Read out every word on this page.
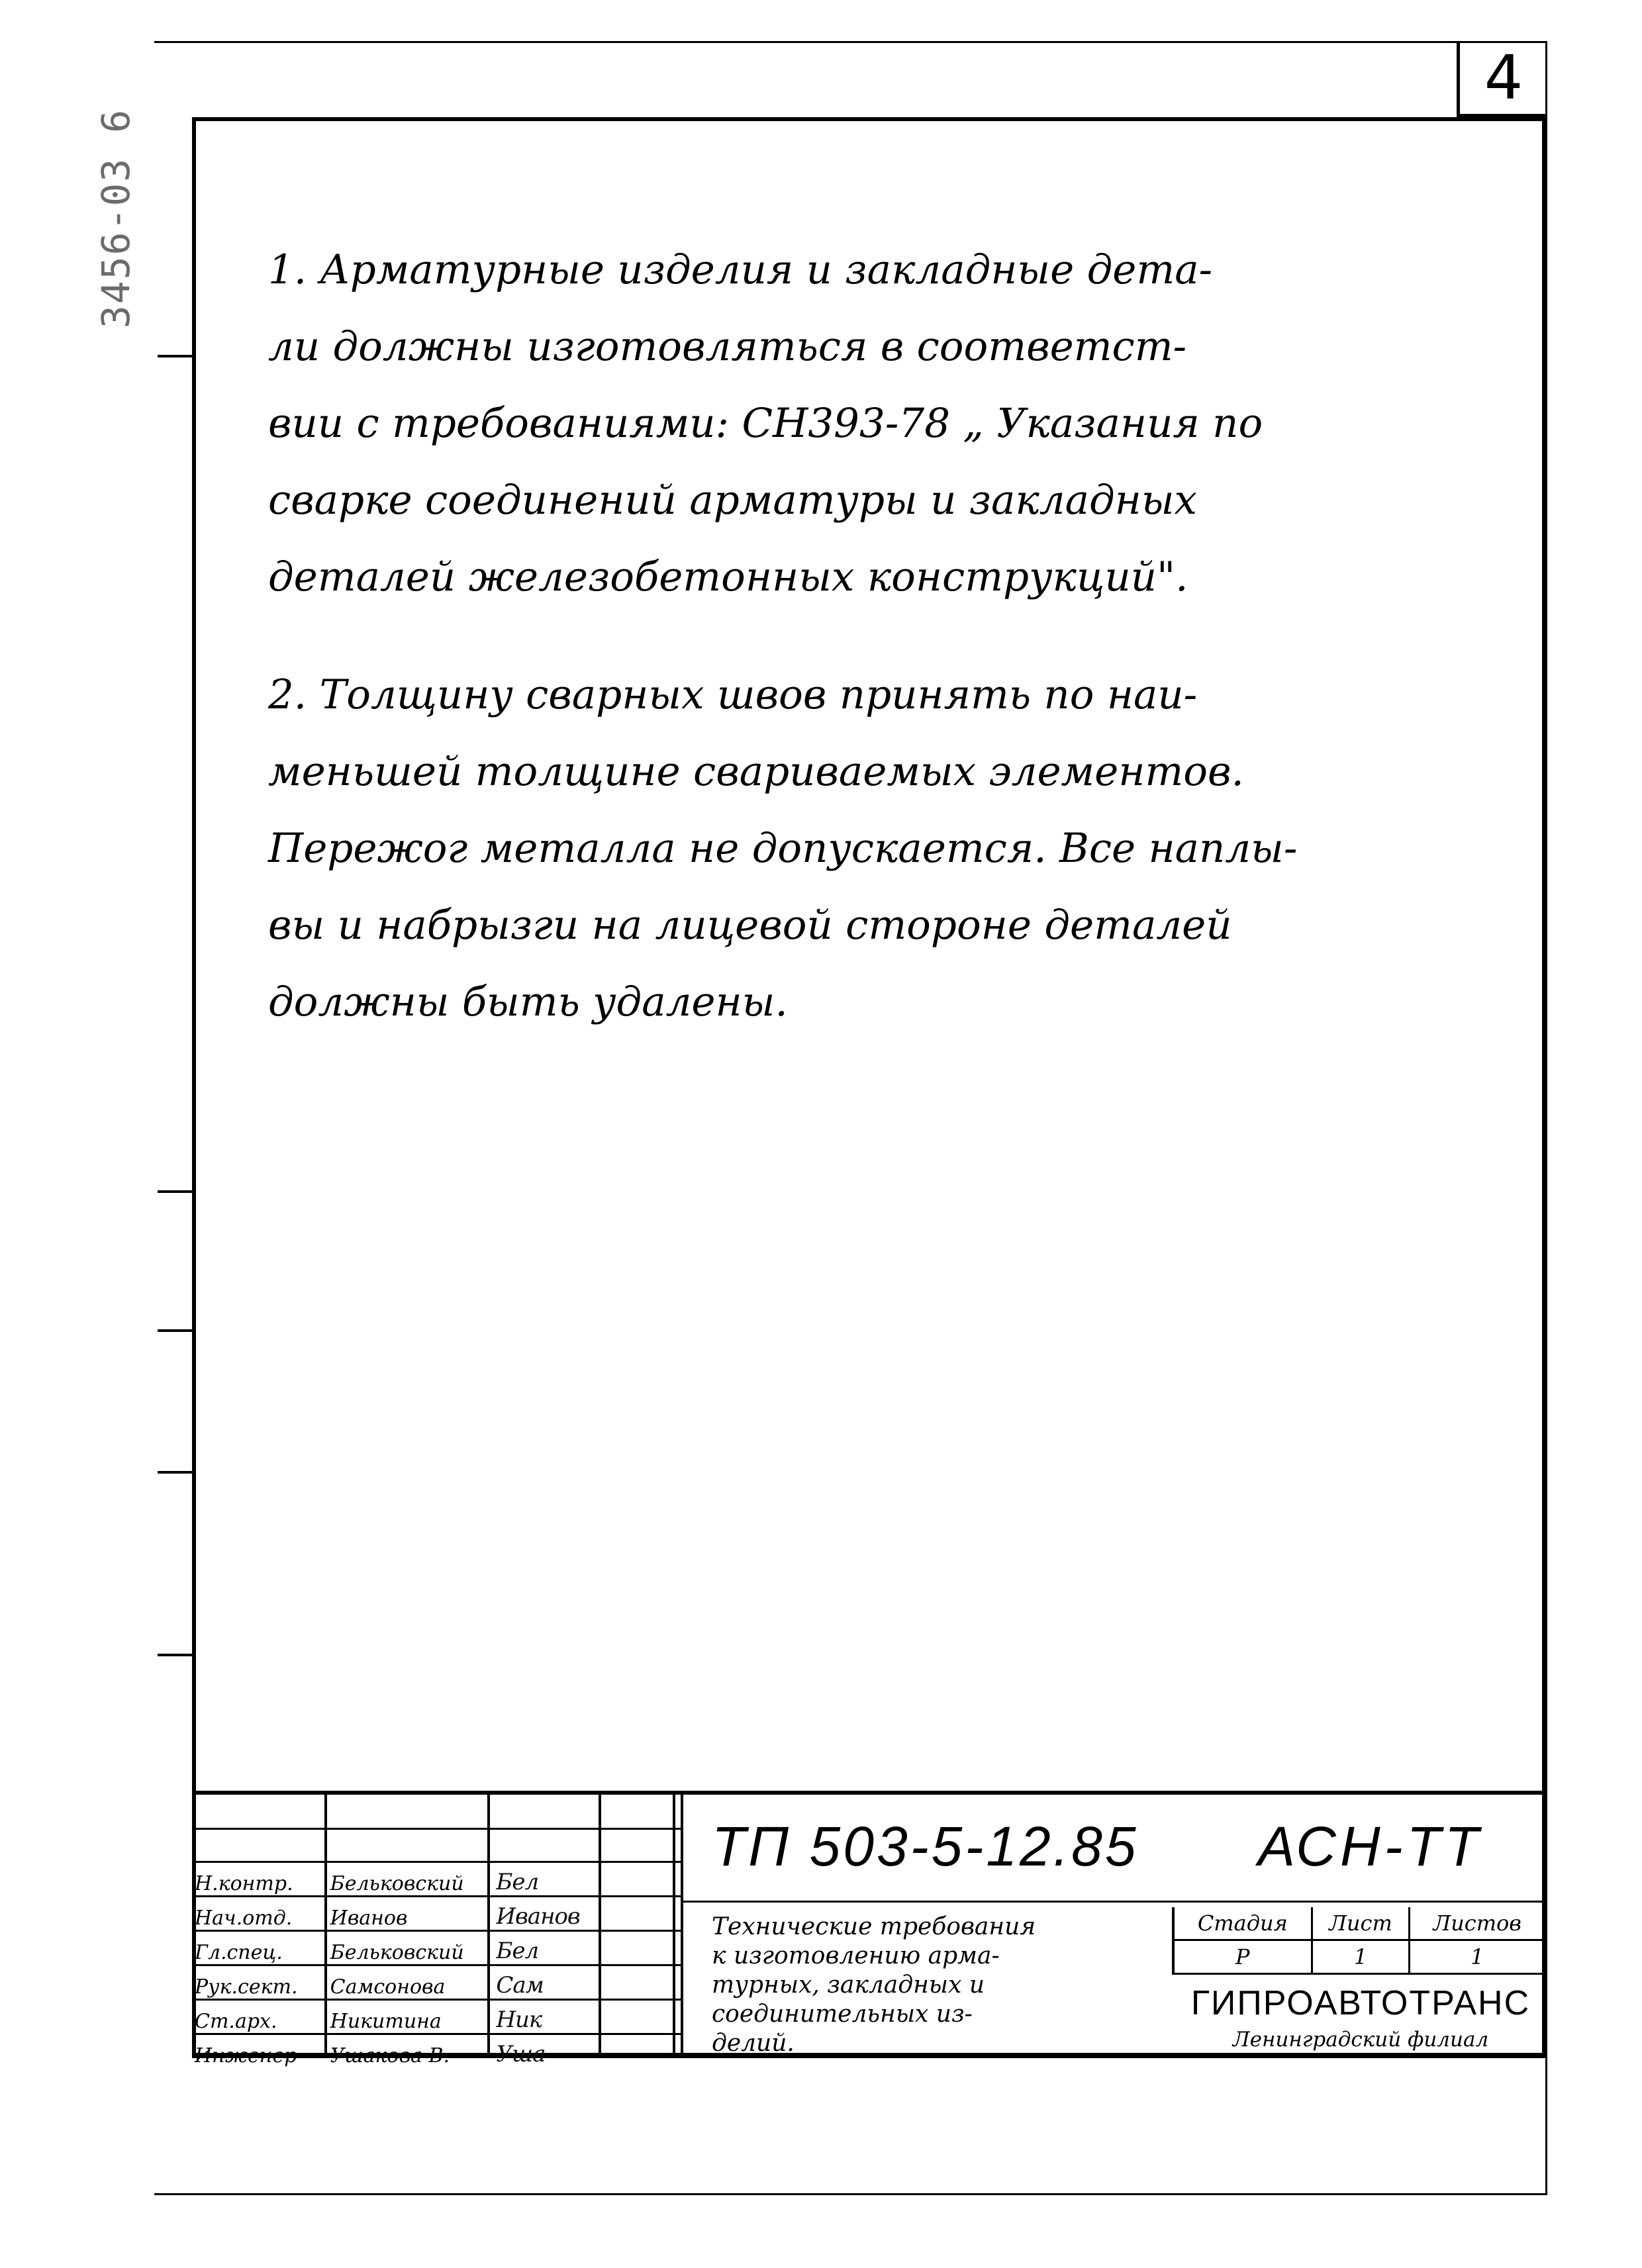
4
3456-03 6	1. Арматурные изделия и закладные дета-
ли должны изготовляться в соответст-
вии с требованиями: СН393-78 „ Указания по
сварке соединений арматуры и закладных
деталей железобетонных конструкций".
2. Толщину сварных швов принять по наи-
меньшей толщине свариваемых элементов.
Пережог металла не допускается. Все наплы-
вы и набрызги на лицевой стороне деталей
должны быть удалены.
Н.контр.	Бельковский	Бел	
Нач.отд.	Иванов	Иванов	
Гл.спец.	Бельковский	Бел	
Рук.сект.	Самсонова	Сам	
Ст.арх.	Никитина	Ник	
Инженер	Ушакова В.	Уша	
ТП 503-5-12.85 АСН-ТТ
Технические требования
к изготовлению арма-
турных, закладных и
соединительных из-
делий.
Стадия	Лист	Листов
Р	1	1
ГИПРОАВТОТРАНС
Ленинградский филиал
